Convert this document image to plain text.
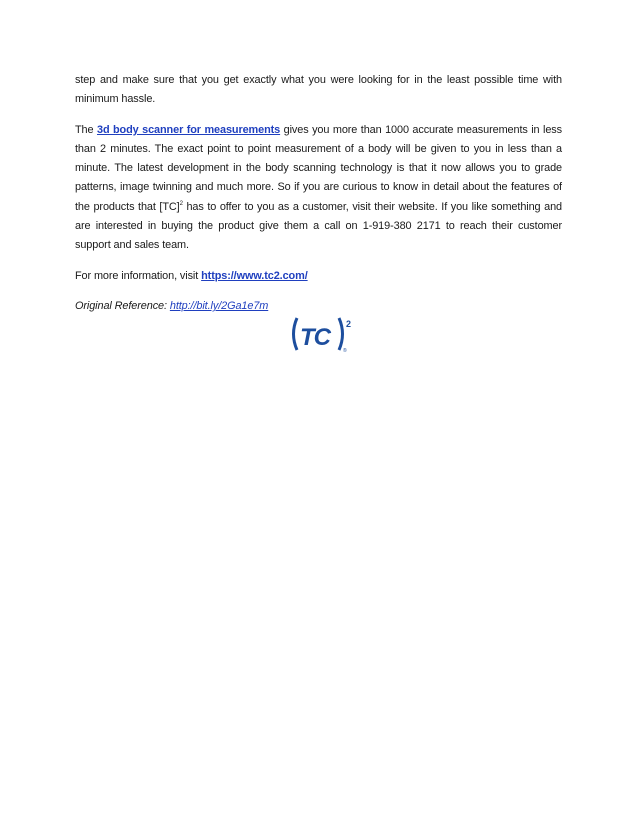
step and make sure that you get exactly what you were looking for in the least possible time with minimum hassle.

The 3d body scanner for measurements gives you more than 1000 accurate measurements in less than 2 minutes. The exact point to point measurement of a body will be given to you in less than a minute. The latest development in the body scanning technology is that it now allows you to grade patterns, image twinning and much more. So if you are curious to know in detail about the features of the products that [TC]$^2$ has to offer to you as a customer, visit their website. If you like something and are interested in buying the product give them a call on 1-919-380 2171 to reach their customer support and sales team.

For more information, visit https://www.tc2.com/

Original Reference: http://bit.ly/2Ga1e7m

TC 2
®
